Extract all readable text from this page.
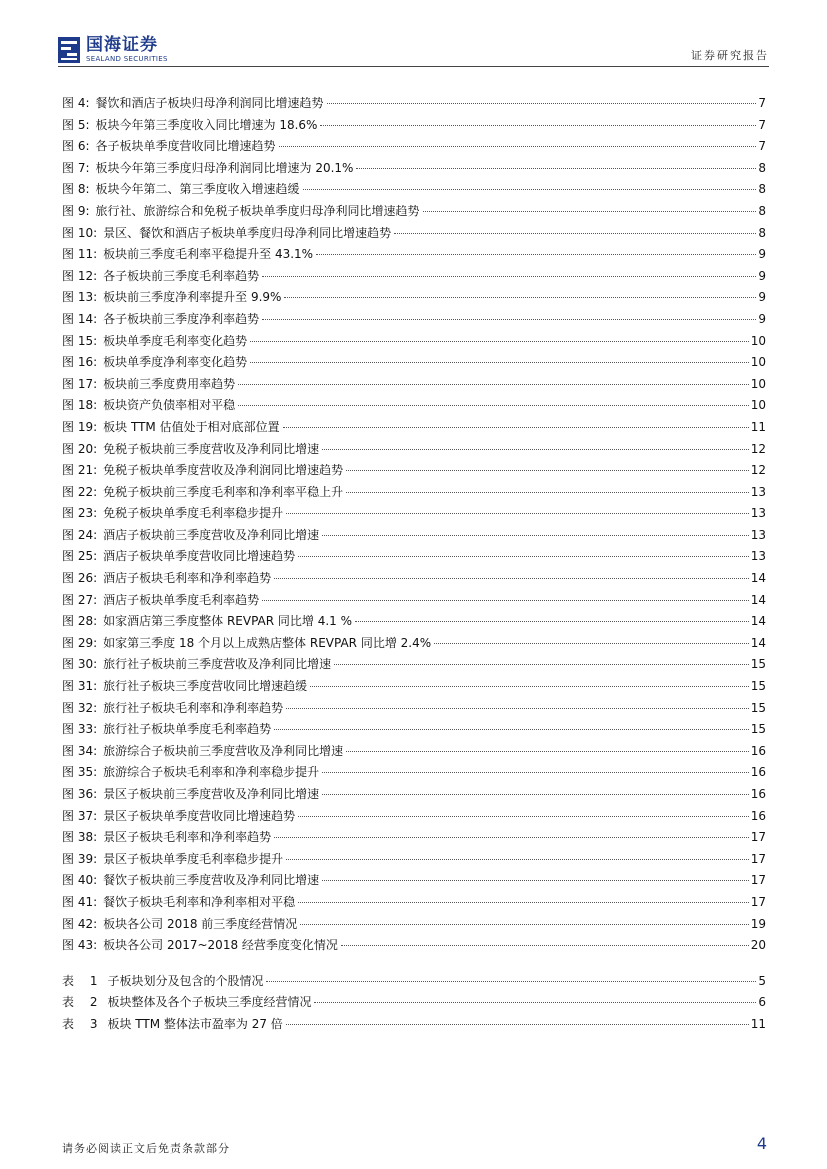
国海证券
SEALAND SECURITIES	证券研究报告
图 4: 餐饮和酒店子板块归母净利润同比增速趋势	7
图 5: 板块今年第三季度收入同比增速为 18.6%	7
图 6: 各子板块单季度营收同比增速趋势	7
图 7: 板块今年第三季度归母净利润同比增速为 20.1%	8
图 8: 板块今年第二、第三季度收入增速趋缓	8
图 9: 旅行社、旅游综合和免税子板块单季度归母净利同比增速趋势	8
图 10: 景区、餐饮和酒店子板块单季度归母净利同比增速趋势	8
图 11: 板块前三季度毛利率平稳提升至 43.1%	9
图 12: 各子板块前三季度毛利率趋势	9
图 13: 板块前三季度净利率提升至 9.9%	9
图 14: 各子板块前三季度净利率趋势	9
图 15: 板块单季度毛利率变化趋势	10
图 16: 板块单季度净利率变化趋势	10
图 17: 板块前三季度费用率趋势	10
图 18: 板块资产负债率相对平稳	10
图 19: 板块 TTM 估值处于相对底部位置	11
图 20: 免税子板块前三季度营收及净利同比增速	12
图 21: 免税子板块单季度营收及净利润同比增速趋势	12
图 22: 免税子板块前三季度毛利率和净利率平稳上升	13
图 23: 免税子板块单季度毛利率稳步提升	13
图 24: 酒店子板块前三季度营收及净利同比增速	13
图 25: 酒店子板块单季度营收同比增速趋势	13
图 26: 酒店子板块毛利率和净利率趋势	14
图 27: 酒店子板块单季度毛利率趋势	14
图 28: 如家酒店第三季度整体 REVPAR 同比增 4.1 %	14
图 29: 如家第三季度 18 个月以上成熟店整体 REVPAR 同比增 2.4%	14
图 30: 旅行社子板块前三季度营收及净利同比增速	15
图 31: 旅行社子板块三季度营收同比增速趋缓	15
图 32: 旅行社子板块毛利率和净利率趋势	15
图 33: 旅行社子板块单季度毛利率趋势	15
图 34: 旅游综合子板块前三季度营收及净利同比增速	16
图 35: 旅游综合子板块毛利率和净利率稳步提升	16
图 36: 景区子板块前三季度营收及净利同比增速	16
图 37: 景区子板块单季度营收同比增速趋势	16
图 38: 景区子板块毛利率和净利率趋势	17
图 39: 景区子板块单季度毛利率稳步提升	17
图 40: 餐饮子板块前三季度营收及净利同比增速	17
图 41: 餐饮子板块毛利率和净利率相对平稳	17
图 42: 板块各公司 2018 前三季度经营情况	19
图 43: 板块各公司 2017~2018 经营季度变化情况	20
表 1 子板块划分及包含的个股情况	5
表 2 板块整体及各个子板块三季度经营情况	6
表 3 板块 TTM 整体法市盈率为 27 倍	11
请务必阅读正文后免责条款部分	4
